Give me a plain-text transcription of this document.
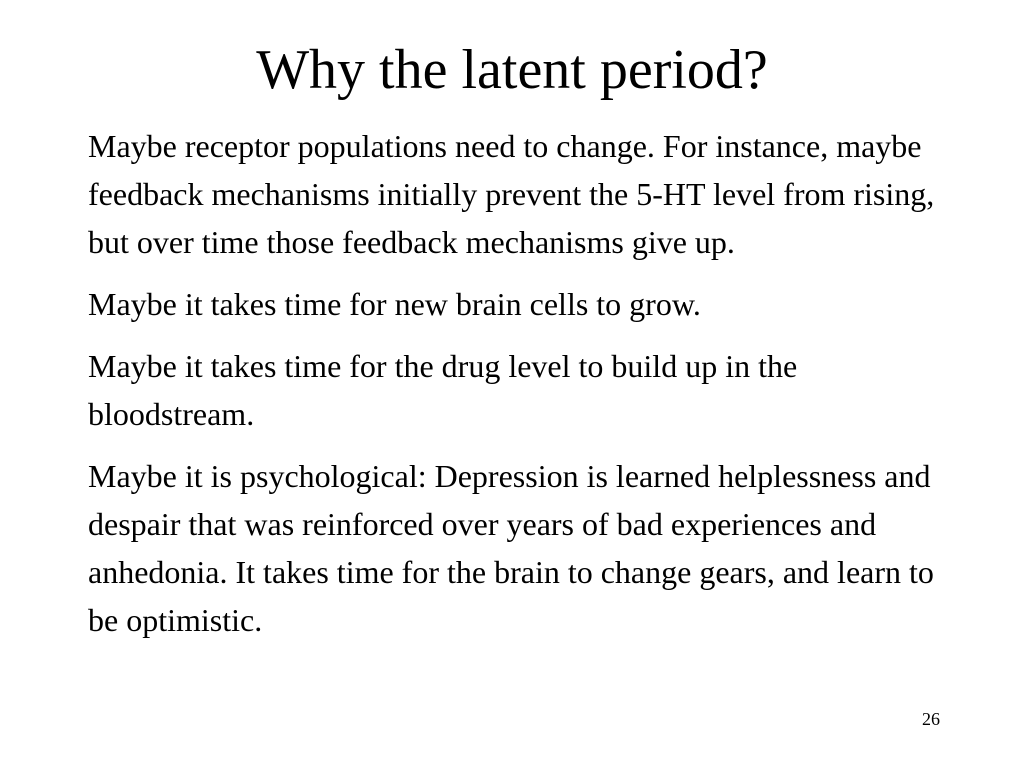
Why the latent period?

Maybe receptor populations need to change. For instance, maybe feedback mechanisms initially prevent the 5-HT level from rising, but over time those feedback mechanisms give up.

Maybe it takes time for new brain cells to grow.

Maybe it takes time for the drug level to build up in the bloodstream.

Maybe it is psychological: Depression is learned helplessness and despair that was reinforced over years of bad experiences and anhedonia. It takes time for the brain to change gears, and learn to be optimistic.

26
